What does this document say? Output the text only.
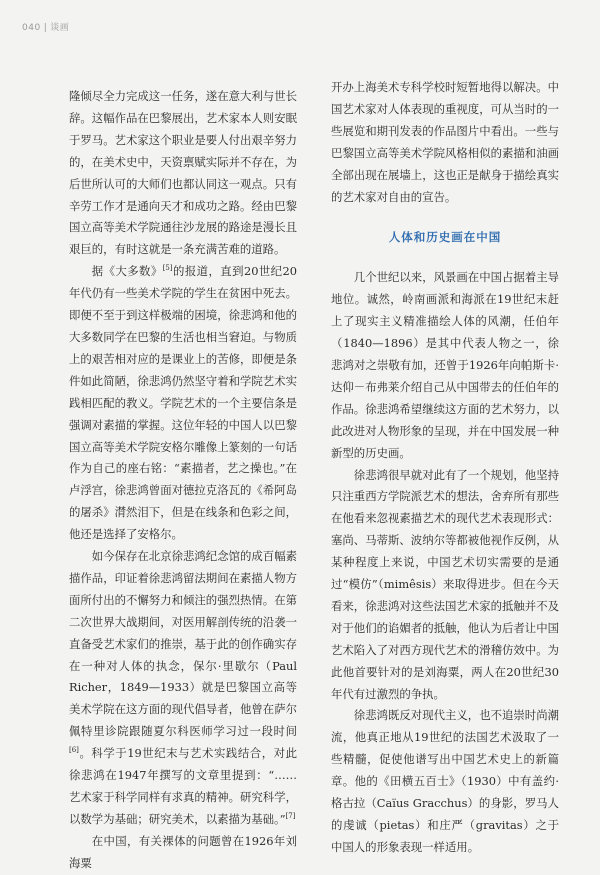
040 | 谈画

隆倾尽全力完成这一任务，遂在意大利与世长辞。这幅作品在巴黎展出，艺术家本人则安眠于罗马。艺术家这个职业是要人付出艰辛努力的，在美术史中，天资禀赋实际并不存在，为后世所认可的大师们也都认同这一观点。只有辛劳工作才是通向天才和成功之路。经由巴黎国立高等美术学院通往沙龙展的路途是漫长且艰巨的，有时这就是一条充满苦难的道路。

据《大多数》[5]的报道，直到20世纪20年代仍有一些美术学院的学生在贫困中死去。即便不至于到这样极端的困境，徐悲鸿和他的大多数同学在巴黎的生活也相当窘迫。与物质上的艰苦相对应的是课业上的苦修，即便是条件如此简陋，徐悲鸿仍然坚守着和学院艺术实践相匹配的教义。学院艺术的一个主要信条是强调对素描的掌握。这位年轻的中国人以巴黎国立高等美术学院安格尔雕像上篆刻的一句话作为自己的座右铭：“素描者，艺之操也。”在卢浮宫，徐悲鸿曾面对德拉克洛瓦的《希阿岛的屠杀》潸然泪下，但是在线条和色彩之间，他还是选择了安格尔。

如今保存在北京徐悲鸿纪念馆的成百幅素描作品，印证着徐悲鸿留法期间在素描人物方面所付出的不懈努力和倾注的强烈热情。在第二次世界大战期间，对医用解剖传统的沿袭一直备受艺术家们的推崇，基于此的创作确实存在一种对人体的执念，保尔·里歇尔（Paul Richer，1849—1933）就是巴黎国立高等美术学院在这方面的现代倡导者，他曾在萨尔佩特里诊院跟随夏尔科医师学习过一段时间[6]。科学于19世纪末与艺术实践结合，对此徐悲鸿在1947年撰写的文章里提到：“……艺术家于科学同样有求真的精神。研究科学，以数学为基础；研究美术，以素描为基础。”[7]

在中国，有关裸体的问题曾在1926年刘海粟

开办上海美术专科学校时短暂地得以解决。中国艺术家对人体表现的重视度，可从当时的一些展览和期刊发表的作品图片中看出。一些与巴黎国立高等美术学院风格相似的素描和油画全部出现在展墙上，这也正是献身于描绘真实的艺术家对自由的宣告。

人体和历史画在中国

几个世纪以来，风景画在中国占据着主导地位。诚然，岭南画派和海派在19世纪末赶上了现实主义精准描绘人体的风潮，任伯年（1840—1896）是其中代表人物之一，徐悲鸿对之崇敬有加，还曾于1926年向帕斯卡·达仰－布弗莱介绍自己从中国带去的任伯年的作品。徐悲鸿希望继续这方面的艺术努力，以此改进对人物形象的呈现，并在中国发展一种新型的历史画。

徐悲鸿很早就对此有了一个规划，他坚持只注重西方学院派艺术的想法，舍弃所有那些在他看来忽视素描艺术的现代艺术表现形式：塞尚、马蒂斯、波纳尔等都被他视作反例，从某种程度上来说，中国艺术切实需要的是通过“模仿”（mimêsis）来取得进步。但在今天看来，徐悲鸿对这些法国艺术家的抵触并不及对于他们的谄媚者的抵触，他认为后者让中国艺术陷入了对西方现代艺术的滑稽仿效中。为此他首要针对的是刘海粟，两人在20世纪30年代有过激烈的争执。

徐悲鸿既反对现代主义，也不追崇时尚潮流，他真正地从19世纪的法国艺术汲取了一些精髓，促使他谱写出中国艺术史上的新篇章。他的《田横五百士》（1930）中有盖约·格古拉（Caïus Gracchus）的身影，罗马人的虔诚（pietas）和庄严（gravitas）之于中国人的形象表现一样适用。
